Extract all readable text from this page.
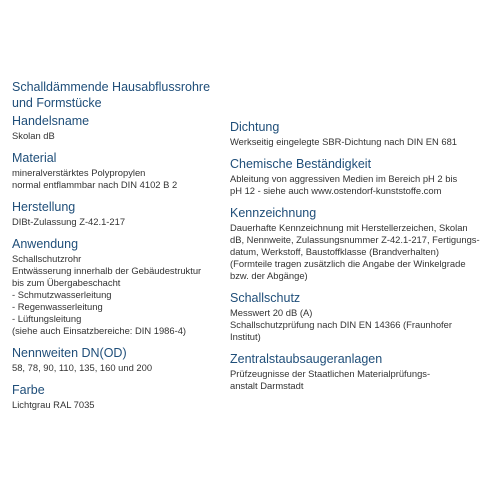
Schalldämmende Hausabflussrohre
und Formstücke
Handelsname
Skolan dB
Material
mineralverstärktes Polypropylen
normal entflammbar nach DIN 4102 B 2
Herstellung
DIBt-Zulassung Z-42.1-217
Anwendung
Schallschutzrohr
Entwässerung innerhalb der Gebäudestruktur
bis zum Übergabeschacht
- Schmutzwasserleitung
- Regenwasserleitung
- Lüftungsleitung
(siehe auch Einsatzbereiche: DIN 1986-4)
Nennweiten DN(OD)
58, 78, 90, 110, 135, 160 und 200
Farbe
Lichtgrau RAL 7035
Dichtung
Werkseitig eingelegte SBR-Dichtung nach DIN EN 681
Chemische Beständigkeit
Ableitung von aggressiven Medien im Bereich pH 2 bis
pH 12 - siehe auch www.ostendorf-kunststoffe.com
Kennzeichnung
Dauerhafte Kennzeichnung mit Herstellerzeichen, Skolan
dB, Nennweite, Zulassungsnummer Z-42.1-217, Fertigungs-
datum, Werkstoff, Baustoffklasse (Brandverhalten)
(Formteile tragen zusätzlich die Angabe der Winkelgrade
bzw. der Abgänge)
Schallschutz
Messwert 20 dB (A)
Schallschutzprüfung nach DIN EN 14366 (Fraunhofer
Institut)
Zentralstaubsaugeranlagen
Prüfzeugnisse der Staatlichen Materialprüfungs-
anstalt Darmstadt
